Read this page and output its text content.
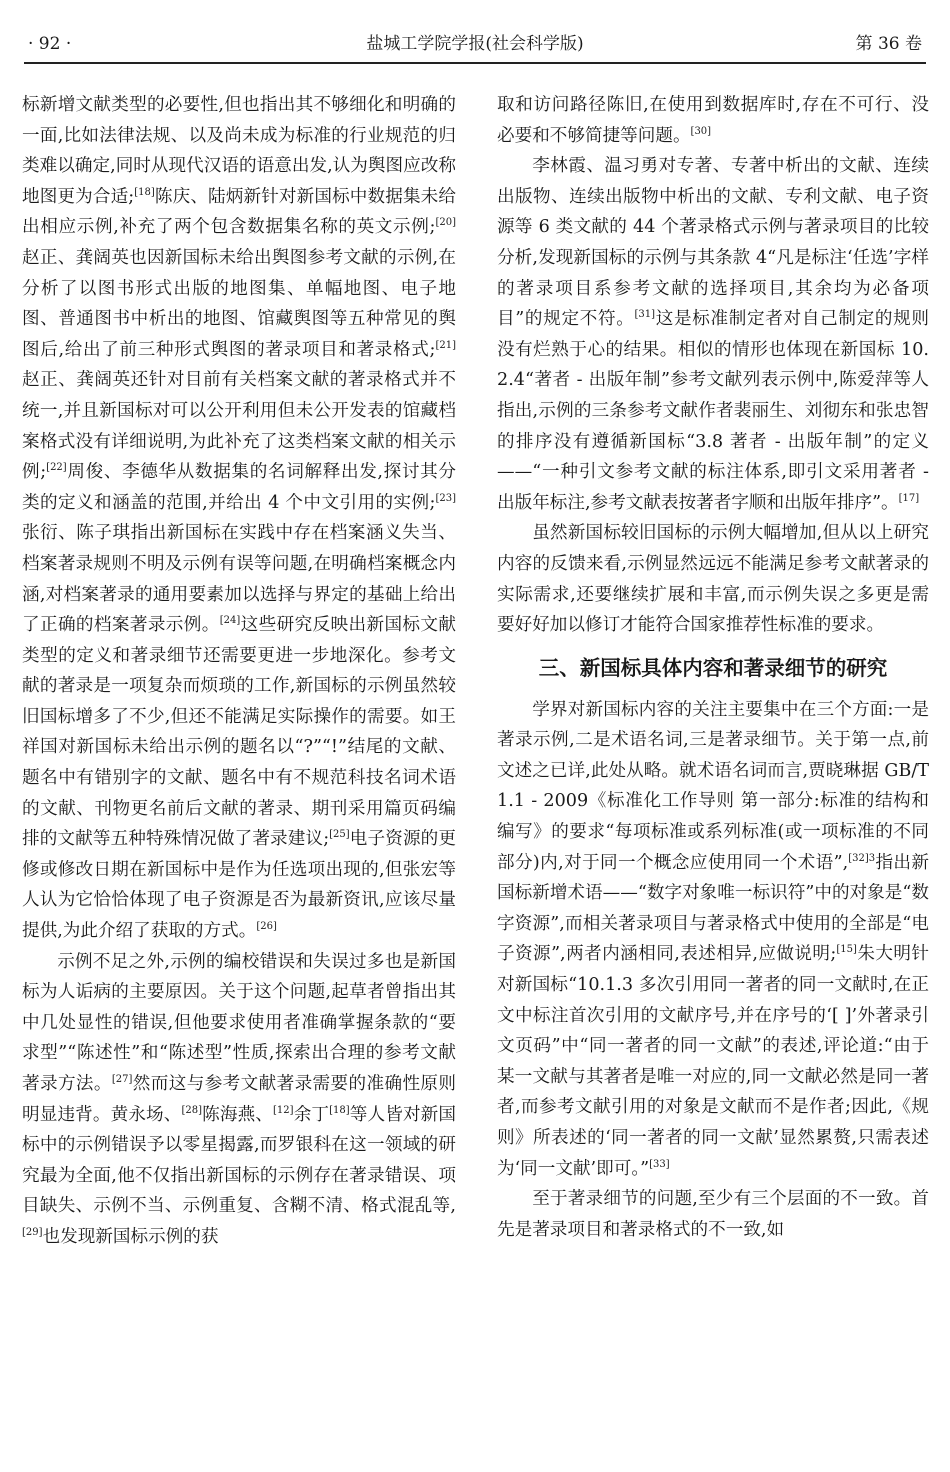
· 92 ·	盐城工学院学报(社会科学版)	第 36 卷

标新增文献类型的必要性,但也指出其不够细化和明确的一面,比如法律法规、以及尚未成为标准的行业规范的归类难以确定,同时从现代汉语的语意出发,认为舆图应改称地图更为合适;[18]陈庆、陆炳新针对新国标中数据集未给出相应示例,补充了两个包含数据集名称的英文示例;[20]赵正、龚阔英也因新国标未给出舆图参考文献的示例,在分析了以图书形式出版的地图集、单幅地图、电子地图、普通图书中析出的地图、馆藏舆图等五种常见的舆图后,给出了前三种形式舆图的著录项目和著录格式;[21]赵正、龚阔英还针对目前有关档案文献的著录格式并不统一,并且新国标对可以公开利用但未公开发表的馆藏档案格式没有详细说明,为此补充了这类档案文献的相关示例;[22]周俊、李德华从数据集的名词解释出发,探讨其分类的定义和涵盖的范围,并给出 4 个中文引用的实例;[23]张衍、陈子琪指出新国标在实践中存在档案涵义失当、档案著录规则不明及示例有误等问题,在明确档案概念内涵,对档案著录的通用要素加以选择与界定的基础上给出了正确的档案著录示例。[24]这些研究反映出新国标文献类型的定义和著录细节还需要更进一步地深化。参考文献的著录是一项复杂而烦琐的工作,新国标的示例虽然较旧国标增多了不少,但还不能满足实际操作的需要。如王祥国对新国标未给出示例的题名以“?”“!”结尾的文献、题名中有错别字的文献、题名中有不规范科技名词术语的文献、刊物更名前后文献的著录、期刊采用篇页码编排的文献等五种特殊情况做了著录建议;[25]电子资源的更修或修改日期在新国标中是作为任选项出现的,但张宏等人认为它恰恰体现了电子资源是否为最新资讯,应该尽量提供,为此介绍了获取的方式。[26]

示例不足之外,示例的编校错误和失误过多也是新国标为人诟病的主要原因。关于这个问题,起草者曾指出其中几处显性的错误,但他要求使用者准确掌握条款的“要求型”“陈述性”和“陈述型”性质,探索出合理的参考文献著录方法。[27]然而这与参考文献著录需要的准确性原则明显违背。黄永场、[28]陈海燕、[12]余丁[18]等人皆对新国标中的示例错误予以零星揭露,而罗银科在这一领域的研究最为全面,他不仅指出新国标的示例存在著录错误、项目缺失、示例不当、示例重复、含糊不清、格式混乱等,[29]也发现新国标示例的获

取和访问路径陈旧,在使用到数据库时,存在不可行、没必要和不够简捷等问题。[30]

李林霞、温习勇对专著、专著中析出的文献、连续出版物、连续出版物中析出的文献、专利文献、电子资源等 6 类文献的 44 个著录格式示例与著录项目的比较分析,发现新国标的示例与其条款 4“凡是标注‘任选’字样的著录项目系参考文献的选择项目,其余均为必备项目”的规定不符。[31]这是标准制定者对自己制定的规则没有烂熟于心的结果。相似的情形也体现在新国标 10.2.4“著者 - 出版年制”参考文献列表示例中,陈爱萍等人指出,示例的三条参考文献作者裴丽生、刘彻东和张忠智的排序没有遵循新国标“3.8 著者 - 出版年制”的定义——“一种引文参考文献的标注体系,即引文采用著者 - 出版年标注,参考文献表按著者字顺和出版年排序”。[17]

虽然新国标较旧国标的示例大幅增加,但从以上研究内容的反馈来看,示例显然远远不能满足参考文献著录的实际需求,还要继续扩展和丰富,而示例失误之多更是需要好好加以修订才能符合国家推荐性标准的要求。

三、新国标具体内容和著录细节的研究

学界对新国标内容的关注主要集中在三个方面:一是著录示例,二是术语名词,三是著录细节。关于第一点,前文述之已详,此处从略。就术语名词而言,贾晓琳据 GB/T 1.1 - 2009《标准化工作导则 第一部分:标准的结构和编写》的要求“每项标准或系列标准(或一项标准的不同部分)内,对于同一个概念应使用同一个术语”,$^{[32]3}$指出新国标新增术语——“数字对象唯一标识符”中的对象是“数字资源”,而相关著录项目与著录格式中使用的全部是“电子资源”,两者内涵相同,表述相异,应做说明;[15]朱大明针对新国标“10.1.3 多次引用同一著者的同一文献时,在正文中标注首次引用的文献序号,并在序号的‘[ ]’外著录引文页码”中“同一著者的同一文献”的表述,评论道:“由于某一文献与其著者是唯一对应的,同一文献必然是同一著者,而参考文献引用的对象是文献而不是作者;因此,《规则》所表述的‘同一著者的同一文献’显然累赘,只需表述为‘同一文献’即可。”[33]

至于著录细节的问题,至少有三个层面的不一致。首先是著录项目和著录格式的不一致,如
